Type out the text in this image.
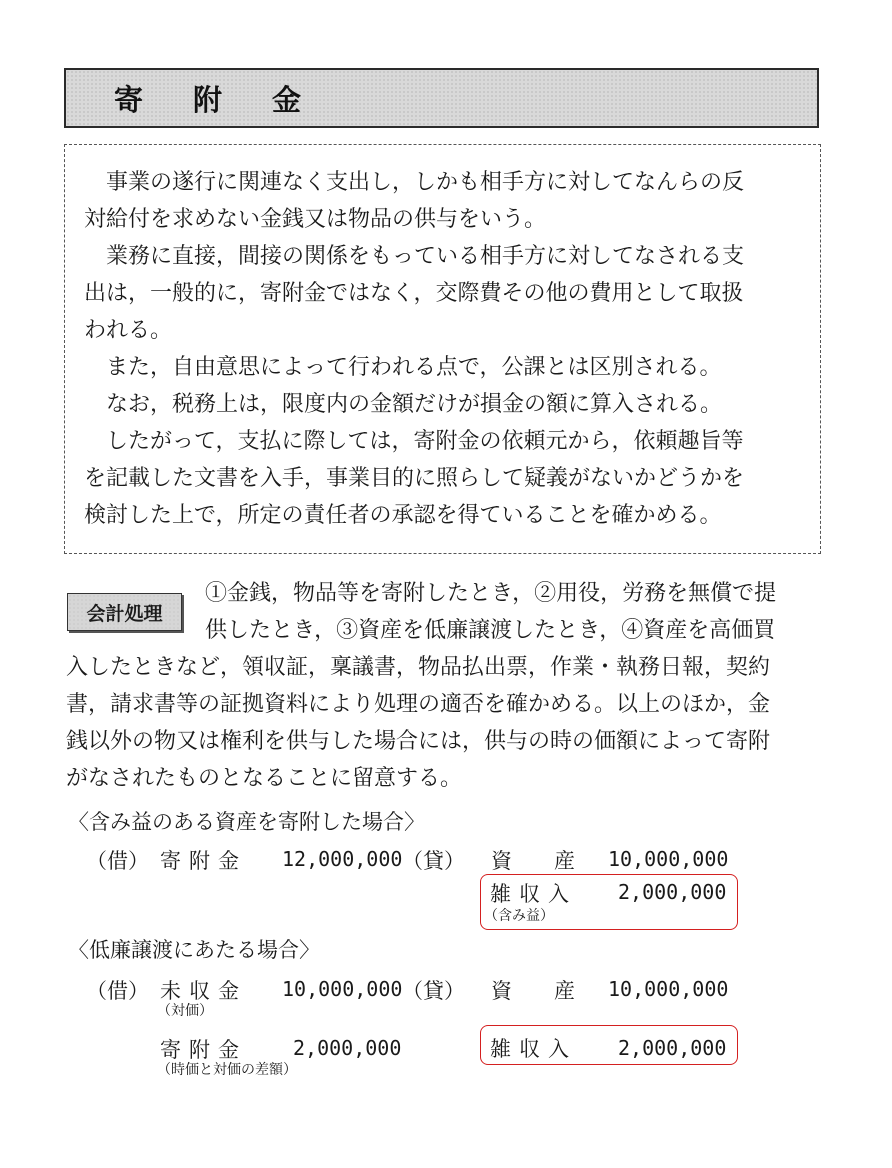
寄附金

事業の遂行に関連なく支出し，しかも相手方に対してなんらの反
対給付を求めない金銭又は物品の供与をいう。

業務に直接，間接の関係をもっている相手方に対してなされる支
出は，一般的に，寄附金ではなく，交際費その他の費用として取扱
われる。

また，自由意思によって行われる点で，公課とは区別される。

なお，税務上は，限度内の金額だけが損金の額に算入される。

したがって，支払に際しては，寄附金の依頼元から，依頼趣旨等
を記載した文書を入手，事業目的に照らして疑義がないかどうかを
検討した上で，所定の責任者の承認を得ていることを確かめる。

会計処理
①金銭，物品等を寄附したとき，②用役，労務を無償で提
供したとき，③資産を低廉譲渡したとき，④資産を高価買
入したときなど，領収証，稟議書，物品払出票，作業・執務日報，契約
書，請求書等の証拠資料により処理の適否を確かめる。以上のほか，金
銭以外の物又は権利を供与した場合には，供与の時の価額によって寄附
がなされたものとなることに留意する。
〈含み益のある資産を寄附した場合〉
（借） 寄附金 12,000,000 （貸） 資　　産 10,000,000
雑収入
（含み益）
2,000,000
〈低廉譲渡にあたる場合〉
（借） 未収金
（対価）
10,000,000 （貸） 資　　産 10,000,000
寄附金
（時価と対価の差額）
2,000,000	雑収入 2,000,000
